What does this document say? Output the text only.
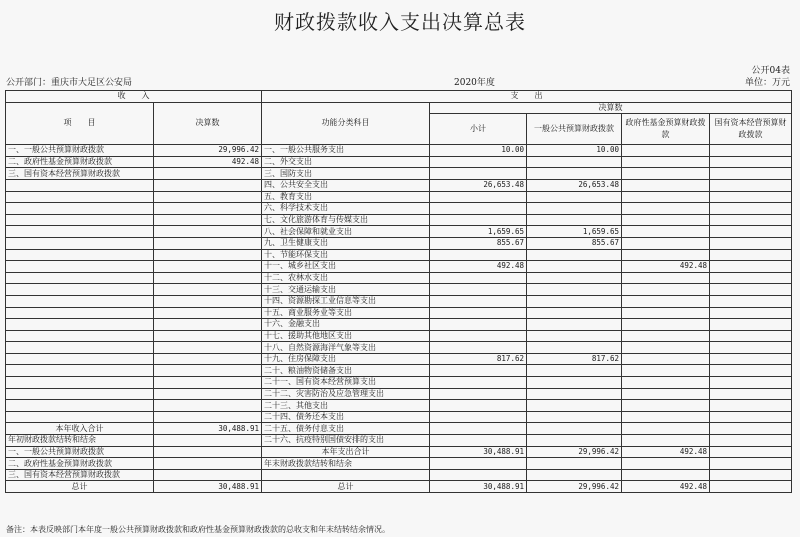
财政拨款收入支出决算总表
公开04表
公开部门：重庆市大足区公安局	2020年度	单位：万元
收　　入		支　　出				
项　　目	决算数	功能分类科目	决算数			
			小计	一般公共预算财政拨款	政府性基金预算财政拨款	国有资本经营预算财政拨款
一、一般公共预算财政拨款	29,996.42	一、一般公共服务支出	10.00	10.00		
二、政府性基金预算财政拨款	492.48	二、外交支出				
三、国有资本经营预算财政拨款		三、国防支出				
		四、公共安全支出	26,653.48	26,653.48		
		五、教育支出				
		六、科学技术支出				
		七、文化旅游体育与传媒支出				
		八、社会保障和就业支出	1,659.65	1,659.65		
		九、卫生健康支出	855.67	855.67		
		十、节能环保支出				
		十一、城乡社区支出	492.48		492.48	
		十二、农林水支出				
		十三、交通运输支出				
		十四、资源勘探工业信息等支出				
		十五、商业服务业等支出				
		十六、金融支出				
		十七、援助其他地区支出				
		十八、自然资源海洋气象等支出				
		十九、住房保障支出	817.62	817.62		
		二十、粮油物资储备支出				
		二十一、国有资本经营预算支出				
		二十二、灾害防治及应急管理支出				
		二十三、其他支出				
		二十四、债务还本支出				
本年收入合计	30,488.91	二十五、债务付息支出				
年初财政拨款结转和结余		二十六、抗疫特别国债安排的支出				
一、一般公共预算财政拨款		本年支出合计	30,488.91	29,996.42	492.48	
二、政府性基金预算财政拨款		年末财政拨款结转和结余				
三、国有资本经营预算财政拨款						
总计	30,488.91	总计	30,488.91	29,996.42	492.48	
备注：本表反映部门本年度一般公共预算财政拨款和政府性基金预算财政拨款的总收支和年末结转结余情况。
